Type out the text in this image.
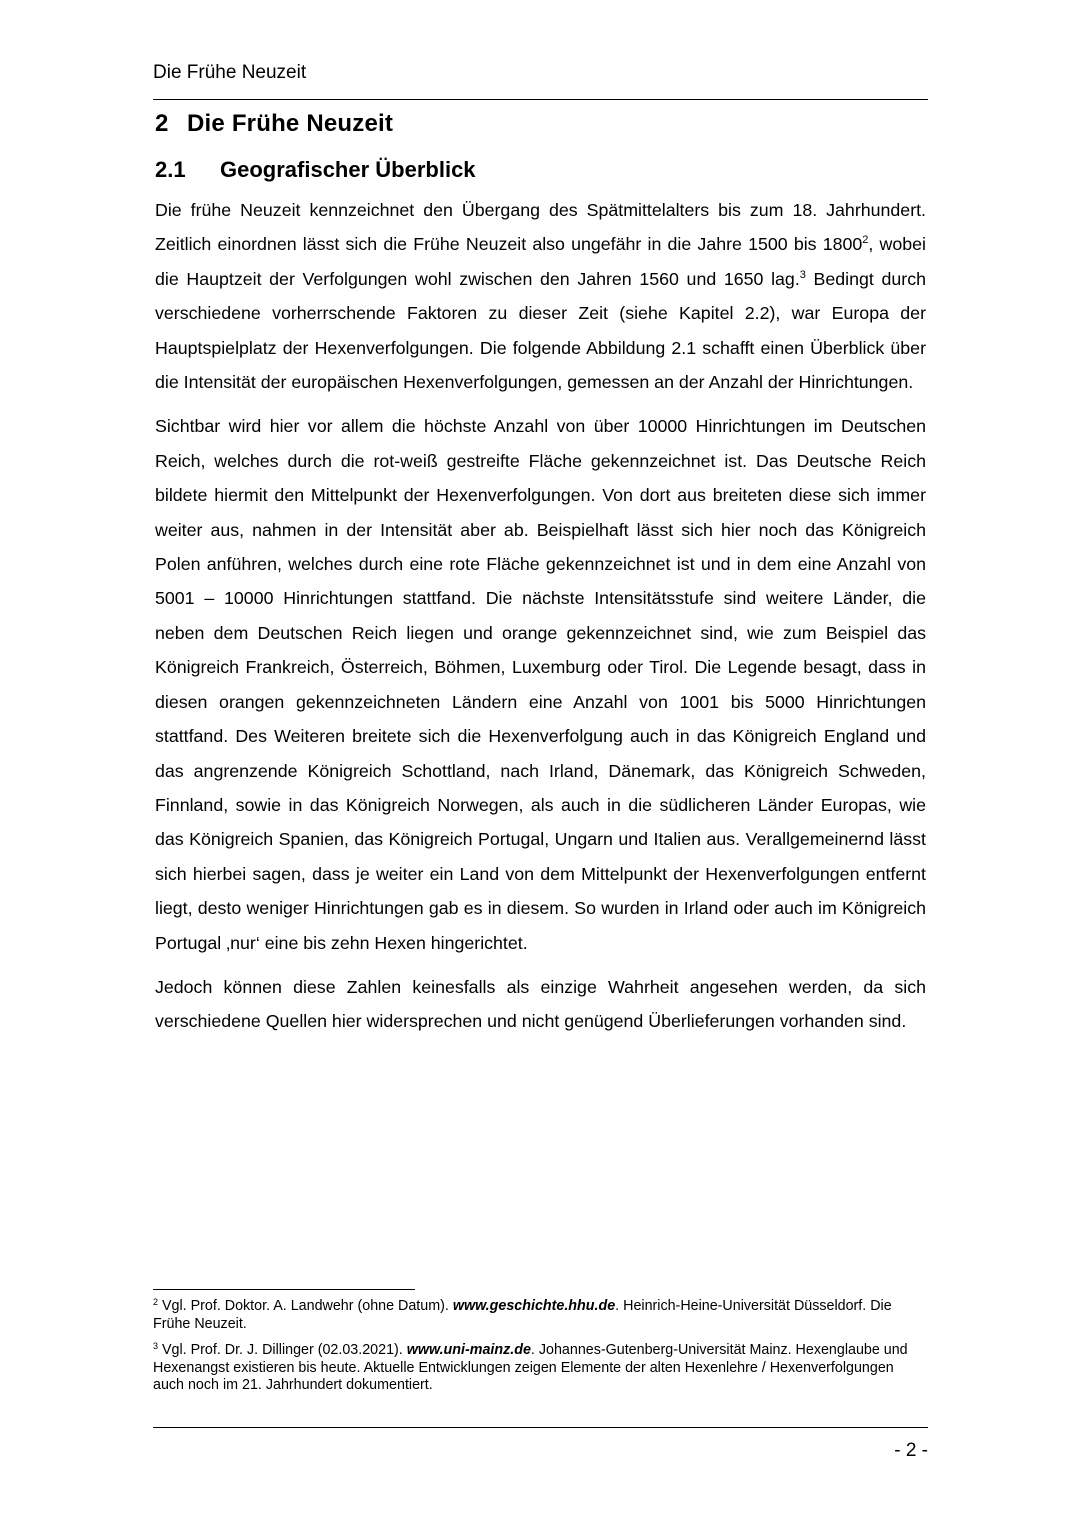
Die Frühe Neuzeit
2 Die Frühe Neuzeit
2.1 Geografischer Überblick

Die frühe Neuzeit kennzeichnet den Übergang des Spätmittelalters bis zum 18. Jahrhundert. Zeitlich einordnen lässt sich die Frühe Neuzeit also ungefähr in die Jahre 1500 bis 1800$^2$, wobei die Hauptzeit der Verfolgungen wohl zwischen den Jahren 1560 und 1650 lag.$^3$ Bedingt durch verschiedene vorherrschende Faktoren zu dieser Zeit (siehe Kapitel 2.2), war Europa der Hauptspielplatz der Hexenverfolgungen. Die folgende Abbildung 2.1 schafft einen Überblick über die Intensität der europäischen Hexenverfolgungen, gemessen an der Anzahl der Hinrichtungen.

Sichtbar wird hier vor allem die höchste Anzahl von über 10000 Hinrichtungen im Deutschen Reich, welches durch die rot-weiß gestreifte Fläche gekennzeichnet ist. Das Deutsche Reich bildete hiermit den Mittelpunkt der Hexenverfolgungen. Von dort aus breiteten diese sich immer weiter aus, nahmen in der Intensität aber ab. Beispielhaft lässt sich hier noch das Königreich Polen anführen, welches durch eine rote Fläche gekennzeichnet ist und in dem eine Anzahl von 5001 – 10000 Hinrichtungen stattfand. Die nächste Intensitätsstufe sind weitere Länder, die neben dem Deutschen Reich liegen und orange gekennzeichnet sind, wie zum Beispiel das Königreich Frankreich, Österreich, Böhmen, Luxemburg oder Tirol. Die Legende besagt, dass in diesen orangen gekennzeichneten Ländern eine Anzahl von 1001 bis 5000 Hinrichtungen stattfand. Des Weiteren breitete sich die Hexenverfolgung auch in das Königreich England und das angrenzende Königreich Schottland, nach Irland, Dänemark, das Königreich Schweden, Finnland, sowie in das Königreich Norwegen, als auch in die südlicheren Länder Europas, wie das Königreich Spanien, das Königreich Portugal, Ungarn und Italien aus. Verallgemeinernd lässt sich hierbei sagen, dass je weiter ein Land von dem Mittelpunkt der Hexenverfolgungen entfernt liegt, desto weniger Hinrichtungen gab es in diesem. So wurden in Irland oder auch im Königreich Portugal ‚nur‘ eine bis zehn Hexen hingerichtet.

Jedoch können diese Zahlen keinesfalls als einzige Wahrheit angesehen werden, da sich verschiedene Quellen hier widersprechen und nicht genügend Überlieferungen vorhanden sind.

$^2$ Vgl. Prof. Doktor. A. Landwehr (ohne Datum). www.geschichte.hhu.de. Heinrich-Heine-Universität Düsseldorf. Die Frühe Neuzeit.

$^3$ Vgl. Prof. Dr. J. Dillinger (02.03.2021). www.uni-mainz.de. Johannes-Gutenberg-Universität Mainz. Hexenglaube und Hexenangst existieren bis heute. Aktuelle Entwicklungen zeigen Elemente der alten Hexenlehre / Hexenverfolgungen auch noch im 21. Jahrhundert dokumentiert.

- 2 -
